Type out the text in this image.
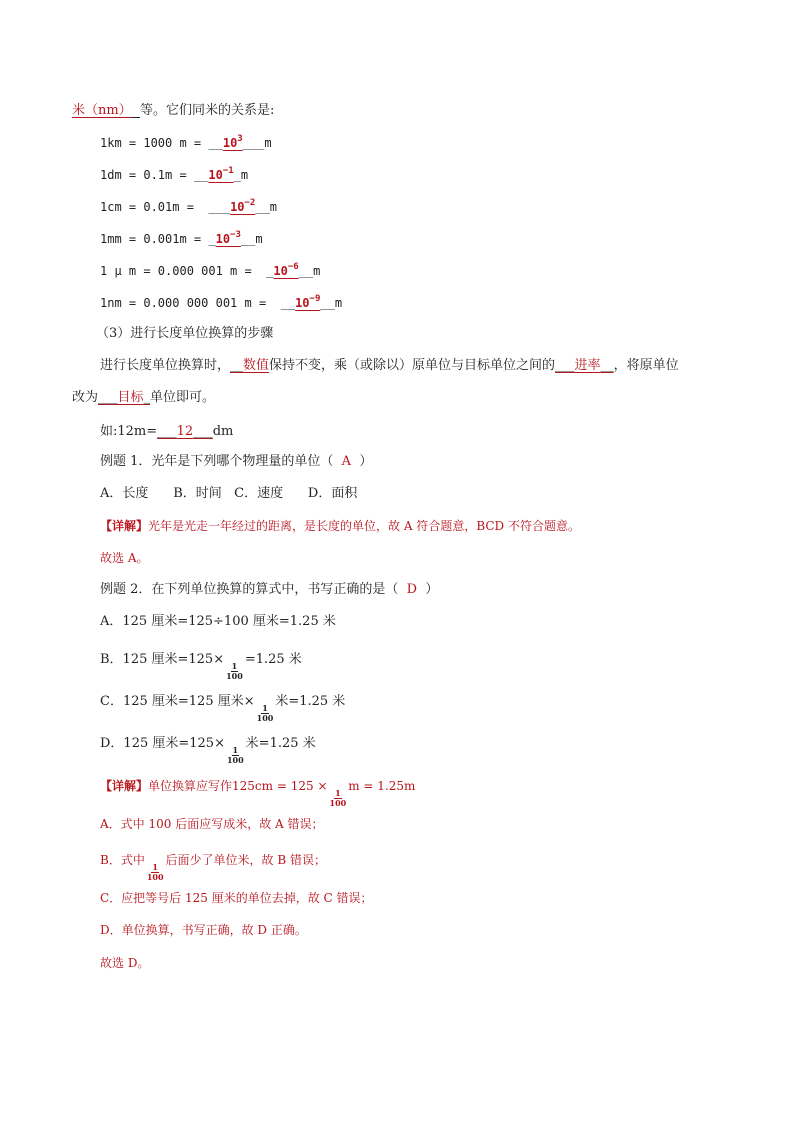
米（nm） 等。它们同米的关系是:
1km = 1000 $m = \_\_10^3\_\_\_m$
$1dm = 0.1m = \_\_10^{-1}\_m$
$1cm = 0.01m = \_\_\_10^{-2}\_\_m$
$1mm = 0.001m = \_10^{-3}\_\_m$
1 μ m = 0.000 001 $m = \_10^{-6}\_\_m$
1nm = 0.000 000 001 $m = \_\_10^{-9}\_\_m$
（3）进行长度单位换算的步骤
进行长度单位换算时，__数值保持不变，乘（或除以）原单位与目标单位之间的___进率__，将原单位
改为___目标_单位即可。
如:12m=___12___dm
例题 1．光年是下列哪个物理量的单位（ A ）
A．长度 B．时间 C．速度 D．面积
【详解】光年是光走一年经过的距离，是长度的单位，故 A 符合题意，BCD 不符合题意。
故选 A。
例题 2．在下列单位换算的算式中，书写正确的是（ D ）
A．125 厘米=125÷100 厘米=1.25 米
B．125 厘米=125×
$\frac{1}{100}$
=1.25 米
C．125 厘米=125 厘米×
$\frac{1}{100}$
米=1.25 米
D．125 厘米=125×
$\frac{1}{100}$
米=1.25 米
【详解】单位换算应写作125cm = 125 ×
$\frac{1}{100}$
m = 1.25m
A．式中 100 后面应写成米，故 A 错误；
B．式中
$\frac{1}{100}$
后面少了单位米，故 B 错误；
C．应把等号后 125 厘米的单位去掉，故 C 错误；
D．单位换算，书写正确，故 D 正确。
故选 D。
